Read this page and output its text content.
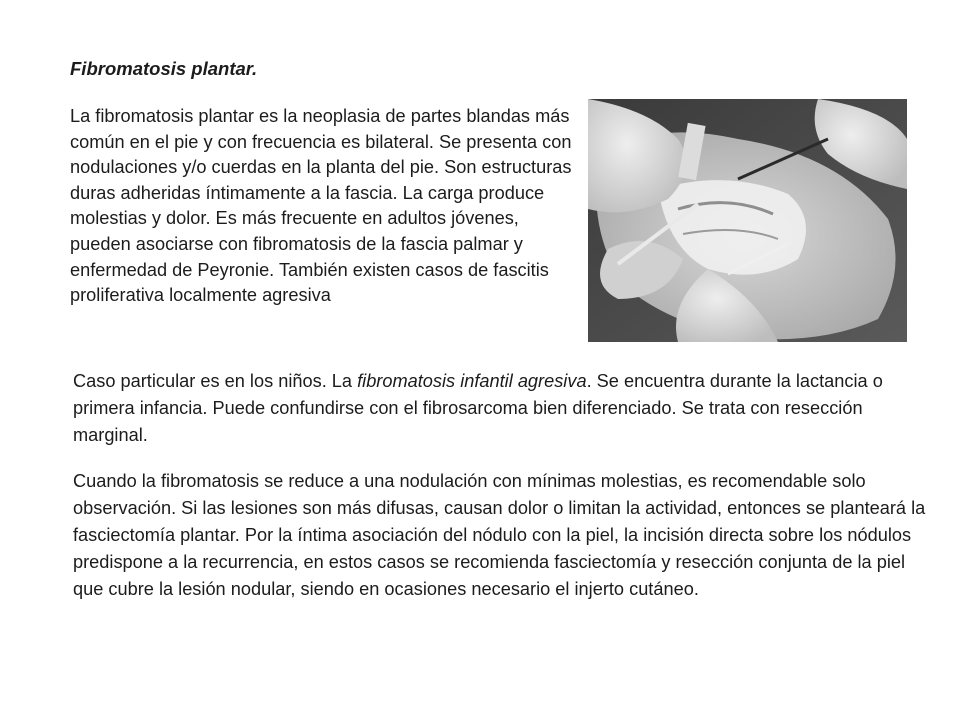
Fibromatosis plantar.

La fibromatosis plantar es la neoplasia de partes blandas más común en el pie y con frecuencia es bilateral. Se presenta con nodulaciones y/o cuerdas en la planta del pie. Son estructuras duras adheridas íntimamente a la fascia. La carga produce molestias y dolor. Es más frecuente en adultos jóvenes, pueden asociarse con fibromatosis de la fascia palmar y enfermedad de Peyronie. También existen casos de fascitis proliferativa localmente agresiva

Caso particular es en los niños. La fibromatosis infantil agresiva. Se encuentra durante la lactancia o primera infancia. Puede confundirse con el fibrosarcoma bien diferenciado. Se trata con resección marginal.

Cuando la fibromatosis se reduce a una nodulación con mínimas molestias, es recomendable solo observación. Si las lesiones son más difusas, causan dolor o limitan la actividad, entonces se planteará la fasciectomía plantar. Por la íntima asociación del nódulo con la piel, la incisión directa sobre los nódulos predispone a la recurrencia, en estos casos se recomienda fasciectomía y resección conjunta de la piel que cubre la lesión nodular, siendo en ocasiones necesario el injerto cutáneo.
